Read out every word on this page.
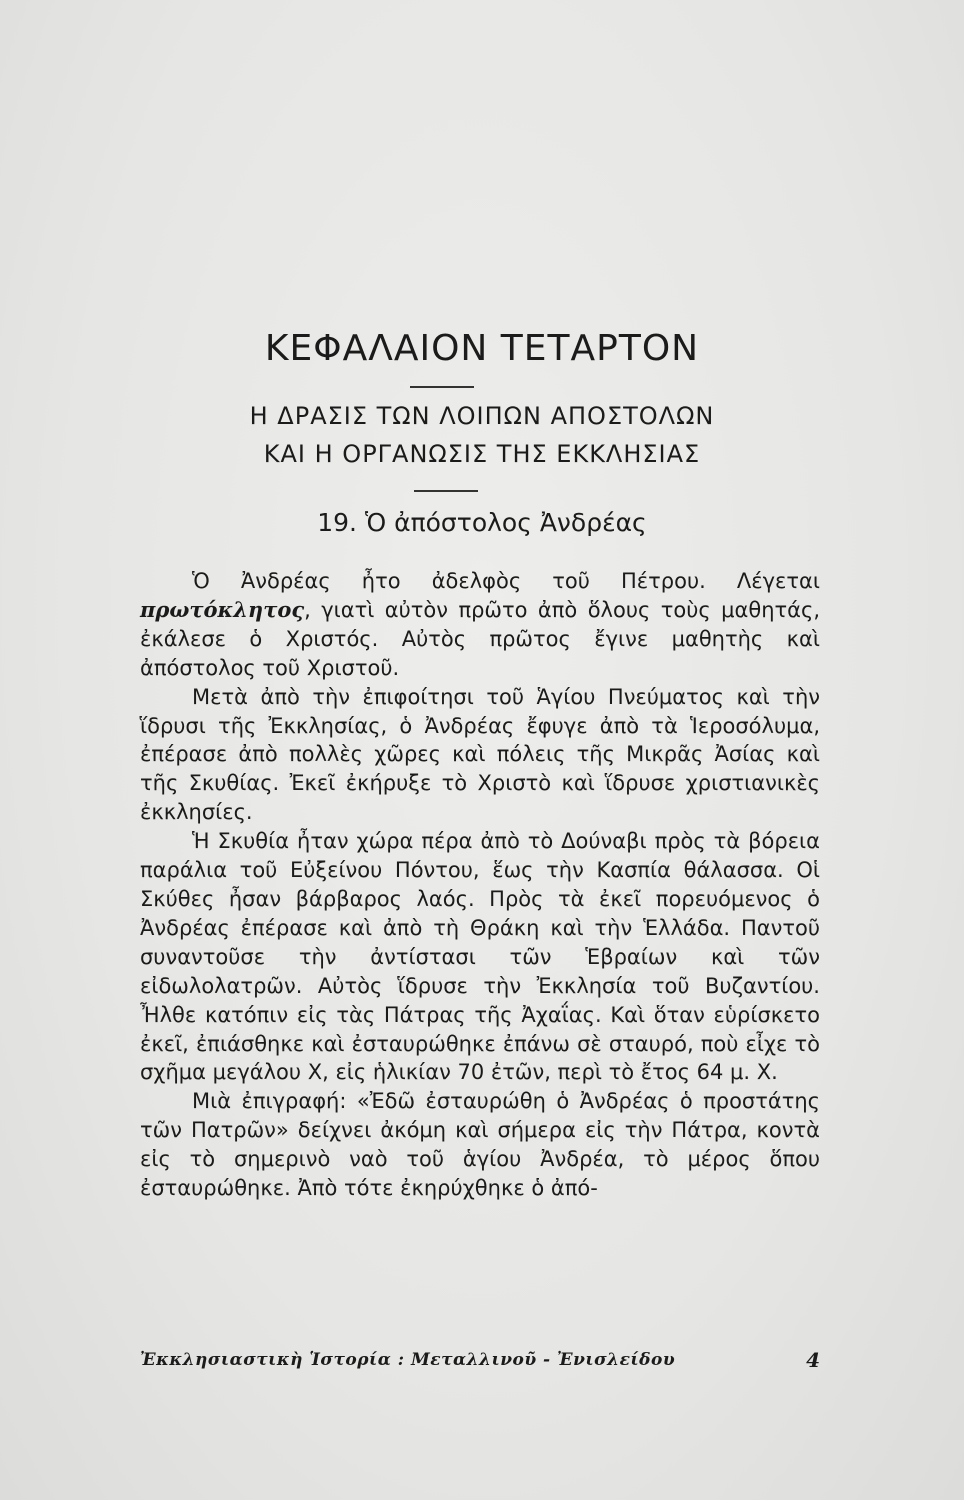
ΚΕΦΑΛΑΙΟΝ ΤΕΤΑΡΤΟΝ
Η ΔΡΑΣΙΣ ΤΩΝ ΛΟΙΠΩΝ ΑΠΟΣΤΟΛΩΝ
ΚΑΙ Η ΟΡΓΑΝΩΣΙΣ ΤΗΣ ΕΚΚΛΗΣΙΑΣ
19. Ὁ ἀπόστολος Ἀνδρέας

Ὁ Ἀνδρέας ἦτο ἀδελφὸς τοῦ Πέτρου. Λέγεται πρωτόκλητος, γιατὶ αὐτὸν πρῶτο ἀπὸ ὅλους τοὺς μαθητάς, ἐκάλεσε ὁ Χριστός. Αὐτὸς πρῶτος ἔγινε μαθητὴς καὶ ἀπόστολος τοῦ Χριστοῦ.

Μετὰ ἀπὸ τὴν ἐπιφοίτησι τοῦ Ἁγίου Πνεύματος καὶ τὴν ἵδρυσι τῆς Ἐκκλησίας, ὁ Ἀνδρέας ἔφυγε ἀπὸ τὰ Ἱεροσόλυμα, ἐπέρασε ἀπὸ πολλὲς χῶρες καὶ πόλεις τῆς Μικρᾶς Ἀσίας καὶ τῆς Σκυθίας. Ἐκεῖ ἐκήρυξε τὸ Χριστὸ καὶ ἵδρυσε χριστιανικὲς ἐκκλησίες.

Ἡ Σκυθία ἦταν χώρα πέρα ἀπὸ τὸ Δούναβι πρὸς τὰ βόρεια παράλια τοῦ Εὐξείνου Πόντου, ἕως τὴν Κασπία θάλασσα. Οἱ Σκύθες ἦσαν βάρβαρος λαός. Πρὸς τὰ ἐκεῖ πορευόμενος ὁ Ἀνδρέας ἐπέρασε καὶ ἀπὸ τὴ Θράκη καὶ τὴν Ἑλλάδα. Παντοῦ συναντοῦσε τὴν ἀντίστασι τῶν Ἑβραίων καὶ τῶν εἰδωλολατρῶν. Αὐτὸς ἵδρυσε τὴν Ἐκκλησία τοῦ Βυζαντίου. Ἦλθε κατόπιν εἰς τὰς Πάτρας τῆς Ἀχαΐας. Καὶ ὅταν εὑρίσκετο ἐκεῖ, ἐπιάσθηκε καὶ ἐσταυρώθηκε ἐπάνω σὲ σταυρό, ποὺ εἶχε τὸ σχῆμα μεγάλου Χ, εἰς ἡλικίαν 70 ἐτῶν, περὶ τὸ ἔτος 64 μ. Χ.

Μιὰ ἐπιγραφή: «Ἐδῶ ἐσταυρώθη ὁ Ἀνδρέας ὁ προστάτης τῶν Πατρῶν» δείχνει ἀκόμη καὶ σήμερα εἰς τὴν Πάτρα, κοντὰ εἰς τὸ σημερινὸ ναὸ τοῦ ἁγίου Ἀνδρέα, τὸ μέρος ὅπου ἐσταυρώθηκε. Ἀπὸ τότε ἐκηρύχθηκε ὁ ἀπό-

Ἐκκλησιαστικὴ Ἱστορία : Μεταλλινοῦ - Ἐνισλείδου	4
